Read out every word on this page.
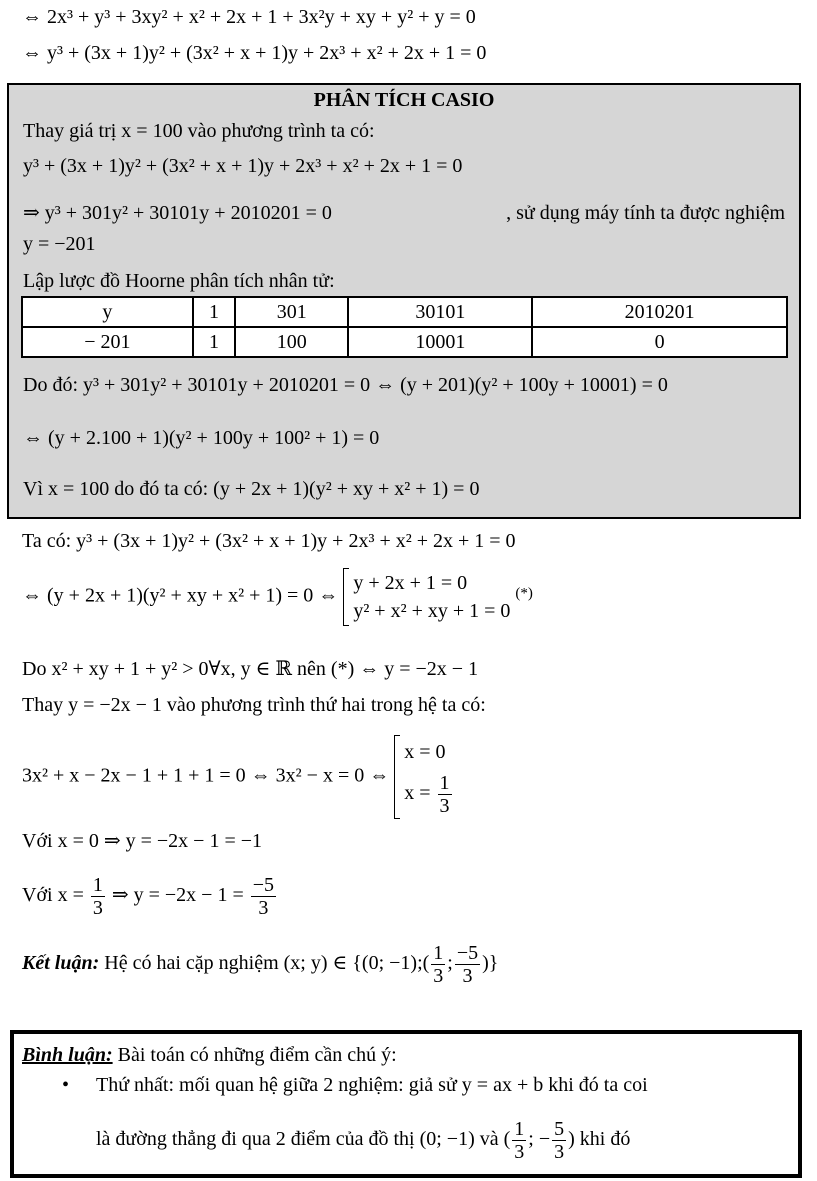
⇔ 2x³ + y³ + 3xy² + x² + 2x + 1 + 3x²y + xy + y² + y = 0
⇔ y³ + (3x + 1)y² + (3x² + x + 1)y + 2x³ + x² + 2x + 1 = 0
PHÂN TÍCH CASIO
Thay giá trị x = 100 vào phương trình ta có:
y³ + (3x + 1)y² + (3x² + x + 1)y + 2x³ + x² + 2x + 1 = 0
⇒ y³ + 301y² + 30101y + 2010201 = 0	, sử dụng máy tính ta được nghiệm
y = −201
Lập lược đồ Hoorne phân tích nhân tử:
y	1	301	30101	2010201
− 201	1	100	10001	0
Do đó: y³ + 301y² + 30101y + 2010201 = 0 ⇔ (y + 201)(y² + 100y + 10001) = 0
⇔ (y + 2.100 + 1)(y² + 100y + 100² + 1) = 0
Vì x = 100 do đó ta có: (y + 2x + 1)(y² + xy + x² + 1) = 0
Ta có: y³ + (3x + 1)y² + (3x² + x + 1)y + 2x³ + x² + 2x + 1 = 0
⇔ (y + 2x + 1)(y² + xy + x² + 1) = 0 ⇔
y + 2x + 1 = 0
y² + x² + xy + 1 = 0
(*)
Do x² + xy + 1 + y² > 0∀x, y ∈ ℝ nên (*) ⇔ y = −2x − 1
Thay y = −2x − 1 vào phương trình thứ hai trong hệ ta có:
3x² + x − 2x − 1 + 1 + 1 = 0 ⇔ 3x² − x = 0 ⇔
x = 0
$x = \frac{1}{3}$
Với x = 0 ⇒ y = −2x − 1 = −1
Với $x = \frac{1}{3}$ ⇒ $y = -2x - 1 = \frac{-5}{3}$
Kết luận: Hệ có hai cặp nghiệm (x; y) ∈ {(0; −1);( $\frac{1}{3}$ ; $\frac{-5}{3}$ )}
Bình luận: Bài toán có những điểm cần chú ý:
• Thứ nhất: mối quan hệ giữa 2 nghiệm: giả sử y = ax + b khi đó ta coi
là đường thẳng đi qua 2 điểm của đồ thị (0; −1) và ( $\frac{1}{3}$ ; − $\frac{5}{3}$ ) khi đó
